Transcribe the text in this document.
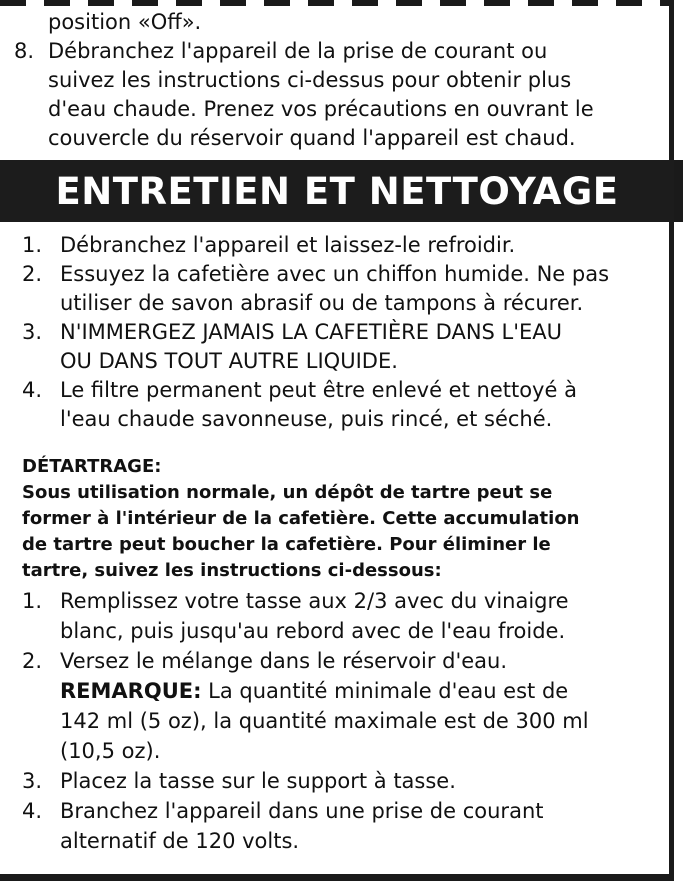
position «Off».
8. Débranchez l'appareil de la prise de courant ou
suivez les instructions ci-dessus pour obtenir plus
d'eau chaude. Prenez vos précautions en ouvrant le
couvercle du réservoir quand l'appareil est chaud.
ENTRETIEN ET NETTOYAGE
1. Débranchez l'appareil et laissez-le refroidir.
2. Essuyez la cafetière avec un chiffon humide. Ne pas
utiliser de savon abrasif ou de tampons à récurer.
3. N'IMMERGEZ JAMAIS LA CAFETIÈRE DANS L'EAU
OU DANS TOUT AUTRE LIQUIDE.
4. Le filtre permanent peut être enlevé et nettoyé à
l'eau chaude savonneuse, puis rincé, et séché.
DÉTARTRAGE:
Sous utilisation normale, un dépôt de tartre peut se
former à l'intérieur de la cafetière. Cette accumulation
de tartre peut boucher la cafetière. Pour éliminer le
tartre, suivez les instructions ci-dessous:
1. Remplissez votre tasse aux 2/3 avec du vinaigre
blanc, puis jusqu'au rebord avec de l'eau froide.
2. Versez le mélange dans le réservoir d'eau.
REMARQUE: La quantité minimale d'eau est de
142 ml (5 oz), la quantité maximale est de 300 ml
(10,5 oz).
3. Placez la tasse sur le support à tasse.
4. Branchez l'appareil dans une prise de courant
alternatif de 120 volts.
